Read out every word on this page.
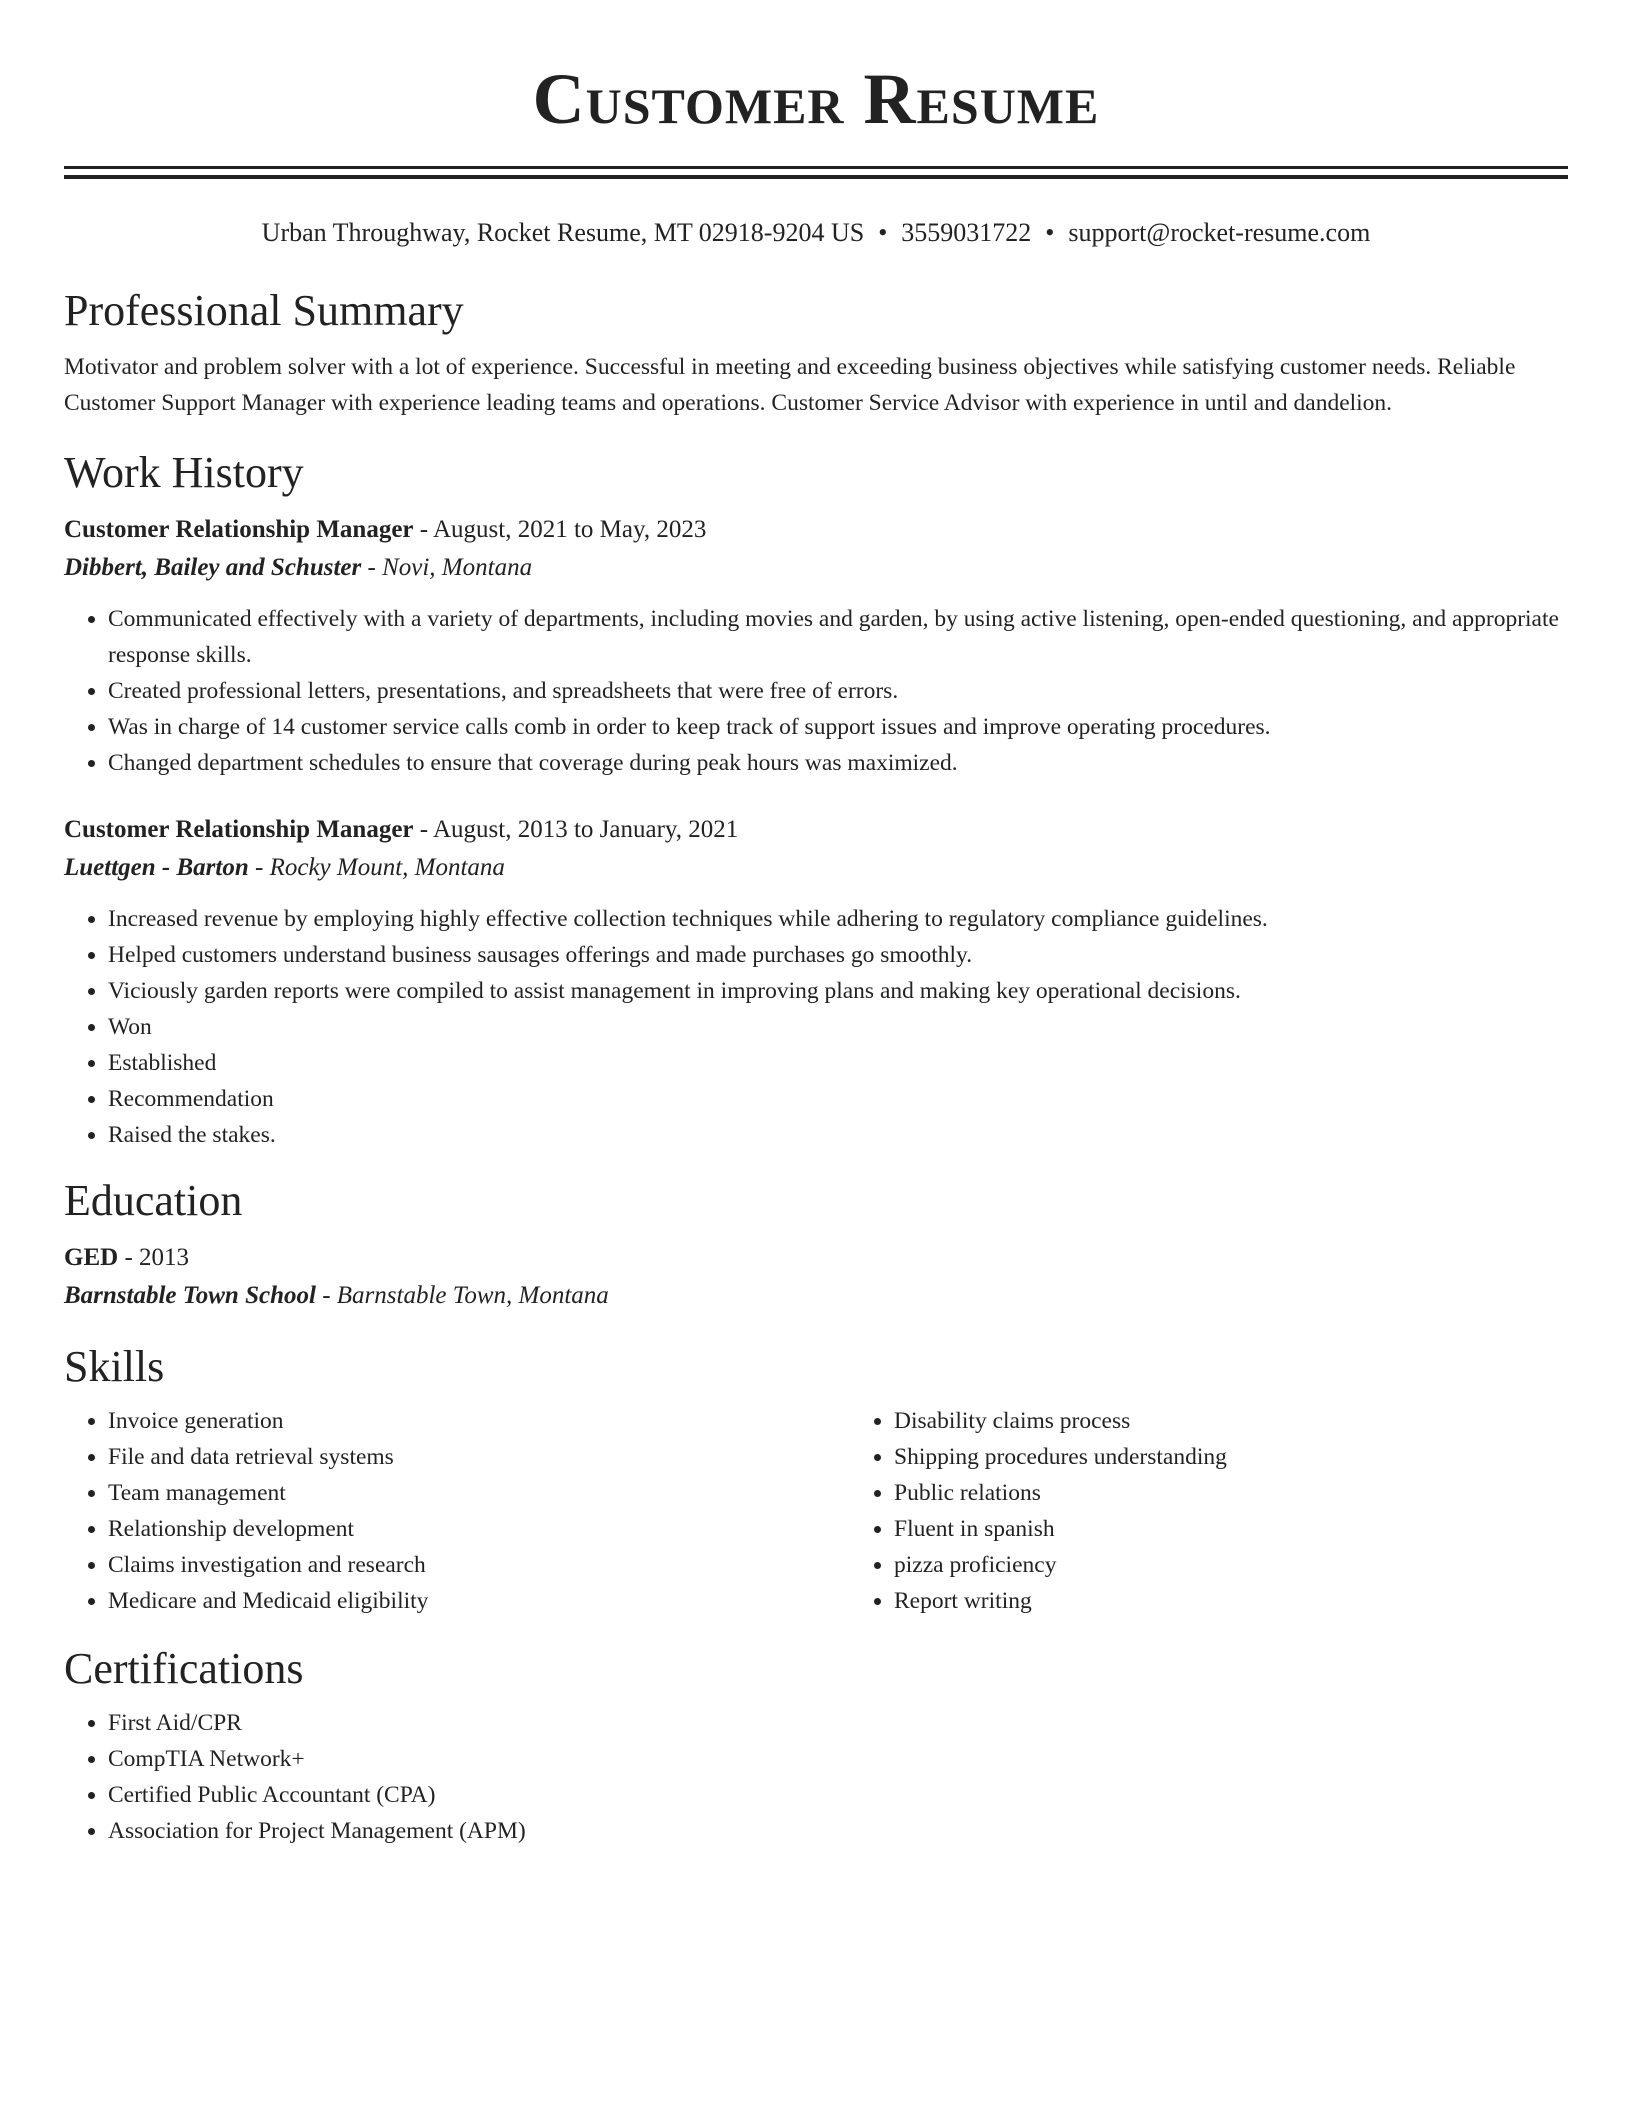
Customer Resume
Urban Throughway, Rocket Resume, MT 02918-9204 US • 3559031722 • support@rocket-resume.com
Professional Summary

Motivator and problem solver with a lot of experience. Successful in meeting and exceeding business objectives while satisfying customer needs. Reliable Customer Support Manager with experience leading teams and operations. Customer Service Advisor with experience in until and dandelion.

Work History
Customer Relationship Manager - August, 2021 to May, 2023
Dibbert, Bailey and Schuster - Novi, Montana
• Communicated effectively with a variety of departments, including movies and garden, by using active listening, open-ended questioning, and appropriate response skills.
• Created professional letters, presentations, and spreadsheets that were free of errors.
• Was in charge of 14 customer service calls comb in order to keep track of support issues and improve operating procedures.
• Changed department schedules to ensure that coverage during peak hours was maximized.
Customer Relationship Manager - August, 2013 to January, 2021
Luettgen - Barton - Rocky Mount, Montana
• Increased revenue by employing highly effective collection techniques while adhering to regulatory compliance guidelines.
• Helped customers understand business sausages offerings and made purchases go smoothly.
• Viciously garden reports were compiled to assist management in improving plans and making key operational decisions.
• Won
• Established
• Recommendation
• Raised the stakes.
Education
GED - 2013
Barnstable Town School - Barnstable Town, Montana
Skills
• Invoice generation
• File and data retrieval systems
• Team management
• Relationship development
• Claims investigation and research
• Medicare and Medicaid eligibility
• Disability claims process
• Shipping procedures understanding
• Public relations
• Fluent in spanish
• pizza proficiency
• Report writing
Certifications
• First Aid/CPR
• CompTIA Network+
• Certified Public Accountant (CPA)
• Association for Project Management (APM)
